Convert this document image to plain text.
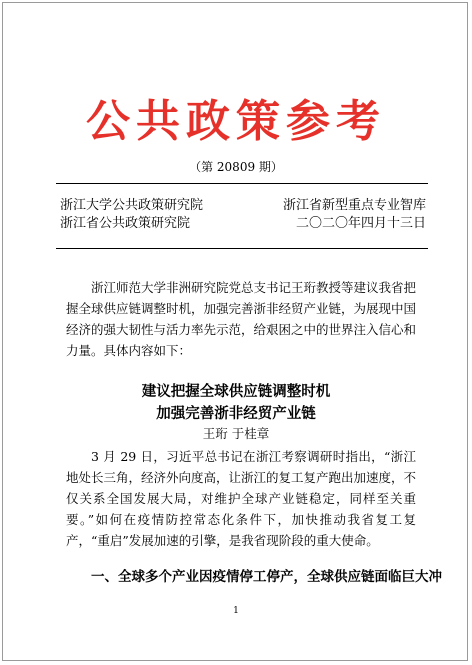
公共政策参考
（第 20809 期）
浙江大学公共政策研究院	浙江省新型重点专业智库
浙江省公共政策研究院	二〇二〇年四月十三日
浙江师范大学非洲研究院党总支书记王珩教授等建议我省把握全球供应链调整时机，加强完善浙非经贸产业链，为展现中国经济的强大韧性与活力率先示范，给艰困之中的世界注入信心和力量。具体内容如下：
建议把握全球供应链调整时机
加强完善浙非经贸产业链
王珩 于桂章
3 月 29 日，习近平总书记在浙江考察调研时指出，“浙江地处长三角，经济外向度高，让浙江的复工复产跑出加速度，不仅关系全国发展大局，对维护全球产业链稳定，同样至关重要。”如何在疫情防控常态化条件下，加快推动我省复工复产，“重启”发展加速的引擎，是我省现阶段的重大使命。
一、全球多个产业因疫情停工停产，全球供应链面临巨大冲
1
